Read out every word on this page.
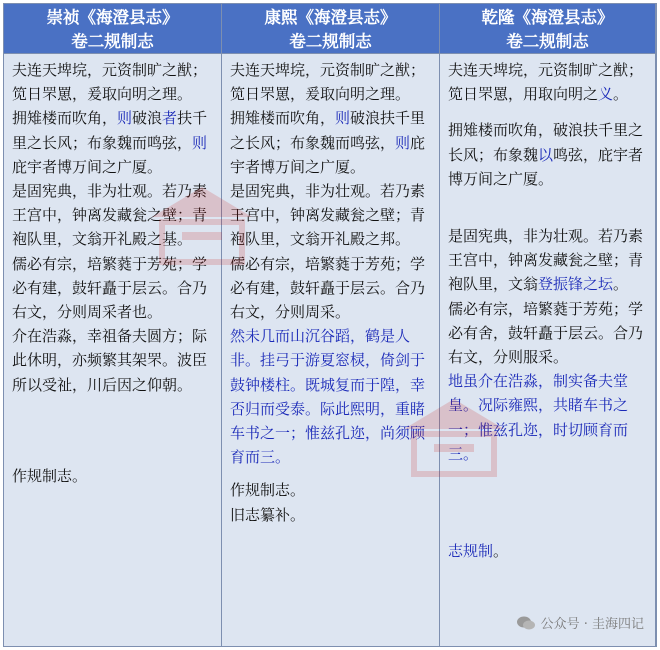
崇祯《海澄县志》
卷二规制志

夫连天埤垸，元资制旷之猷；笕日罘罳，爰取向明之理。

拥雉楼而吹角，则破浪者扶千里之长风；布象魏而鸣弦，则庇宇者博万间之广厦。

是固宪典，非为壮观。若乃素王宫中，钟离发藏瓮之壁；青袍队里，文翁开礼殿之基。

儒必有宗，培繁蕤于芳苑；学必有建，鼓轩矗于层云。合乃右文，分则周采者也。

介在浩淼，幸祖备夫圆方；际此休明，亦频繁其架罘。波臣所以受祉，川后因之仰朝。

作规制志。

康熙《海澄县志》
卷二规制志

夫连天埤垸，元资制旷之猷；笕日罘罳，爰取向明之理。

拥雉楼而吹角，则破浪扶千里之长风；布象魏而鸣弦，则庇宇者博万间之广厦。

是固宪典，非为壮观。若乃素王宫中，钟离发藏瓮之壁；青袍队里，文翁开礼殿之邦。

儒必有宗，培繁蕤于芳苑；学必有建，鼓轩矗于层云。合乃右文，分则周采。

然未几而山沉谷蹈，鹤是人非。挂弓于游夏窓棂，倚剑于鼓钟楼柱。既城复而于隍，幸否归而受泰。际此熙明，重睹车书之一；惟兹孔迩，尚须顾育而三。

作规制志。

旧志纂补。

乾隆《海澄县志》
卷二规制志

夫连天埤垸，元资制旷之猷；笕日罘罳，用取向明之义。

拥雉楼而吹角，破浪扶千里之长风；布象魏以鸣弦，庇宇者博万间之广厦。

是固宪典，非为壮观。若乃素王宫中，钟离发藏瓮之壁；青袍队里，文翁登振锋之坛。

儒必有宗，培繁蕤于芳苑；学必有舍，鼓轩矗于层云。合乃右文，分则服采。

地虽介在浩淼，制实备夫堂皇。况际雍熙，共睹车书之一；惟兹孔迩，时切顾育而三。

志规制。

公众号 · 圭海四记
